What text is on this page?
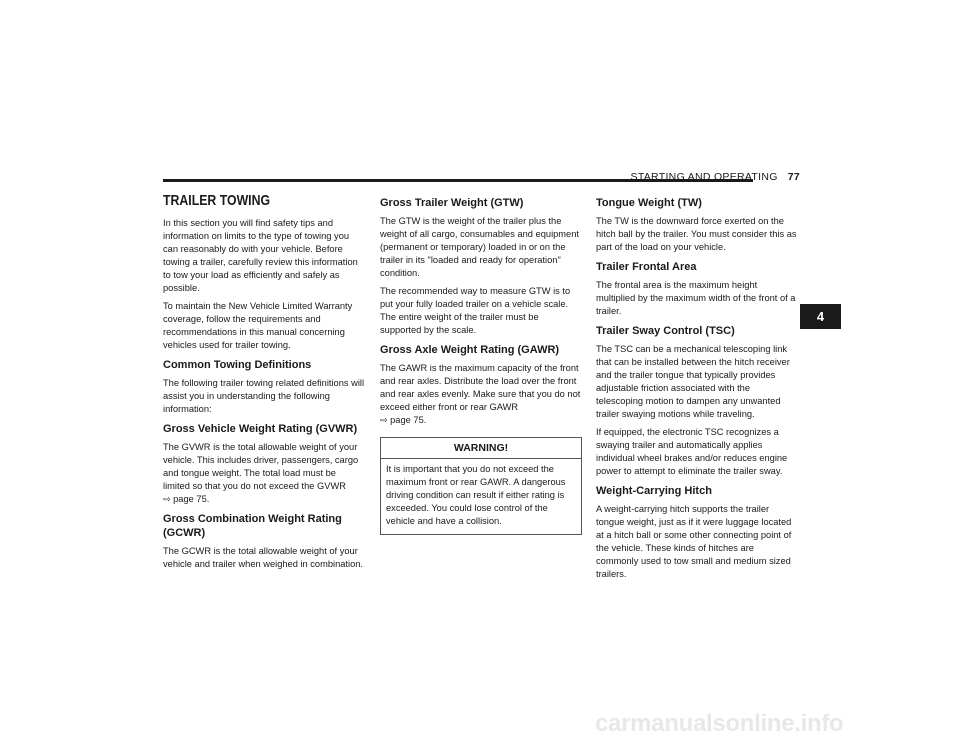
STARTING AND OPERATING 77
4
TRAILER TOWING

In this section you will find safety tips and information on limits to the type of towing you can reasonably do with your vehicle. Before towing a trailer, carefully review this information to tow your load as efficiently and safely as possible.

To maintain the New Vehicle Limited Warranty coverage, follow the requirements and recommendations in this manual concerning vehicles used for trailer towing.

Common Towing Definitions

The following trailer towing related definitions will assist you in understanding the following information:

Gross Vehicle Weight Rating (GVWR)

The GVWR is the total allowable weight of your vehicle. This includes driver, passengers, cargo and tongue weight. The total load must be limited so that you do not exceed the GVWR
⇨ page 75.

Gross Combination Weight Rating (GCWR)

The GCWR is the total allowable weight of your vehicle and trailer when weighed in combination.

Gross Trailer Weight (GTW)

The GTW is the weight of the trailer plus the weight of all cargo, consumables and equipment (permanent or temporary) loaded in or on the trailer in its "loaded and ready for operation" condition.

The recommended way to measure GTW is to put your fully loaded trailer on a vehicle scale. The entire weight of the trailer must be supported by the scale.

Gross Axle Weight Rating (GAWR)

The GAWR is the maximum capacity of the front and rear axles. Distribute the load over the front and rear axles evenly. Make sure that you do not exceed either front or rear GAWR
⇨ page 75.

WARNING!
It is important that you do not exceed the maximum front or rear GAWR. A dangerous driving condition can result if either rating is exceeded. You could lose control of the vehicle and have a collision.
Tongue Weight (TW)

The TW is the downward force exerted on the hitch ball by the trailer. You must consider this as part of the load on your vehicle.

Trailer Frontal Area

The frontal area is the maximum height multiplied by the maximum width of the front of a trailer.

Trailer Sway Control (TSC)

The TSC can be a mechanical telescoping link that can be installed between the hitch receiver and the trailer tongue that typically provides adjustable friction associated with the telescoping motion to dampen any unwanted trailer swaying motions while traveling.

If equipped, the electronic TSC recognizes a swaying trailer and automatically applies individual wheel brakes and/or reduces engine power to attempt to eliminate the trailer sway.

Weight-Carrying Hitch

A weight-carrying hitch supports the trailer tongue weight, just as if it were luggage located at a hitch ball or some other connecting point of the vehicle. These kinds of hitches are commonly used to tow small and medium sized trailers.

carmanualsonline.info
